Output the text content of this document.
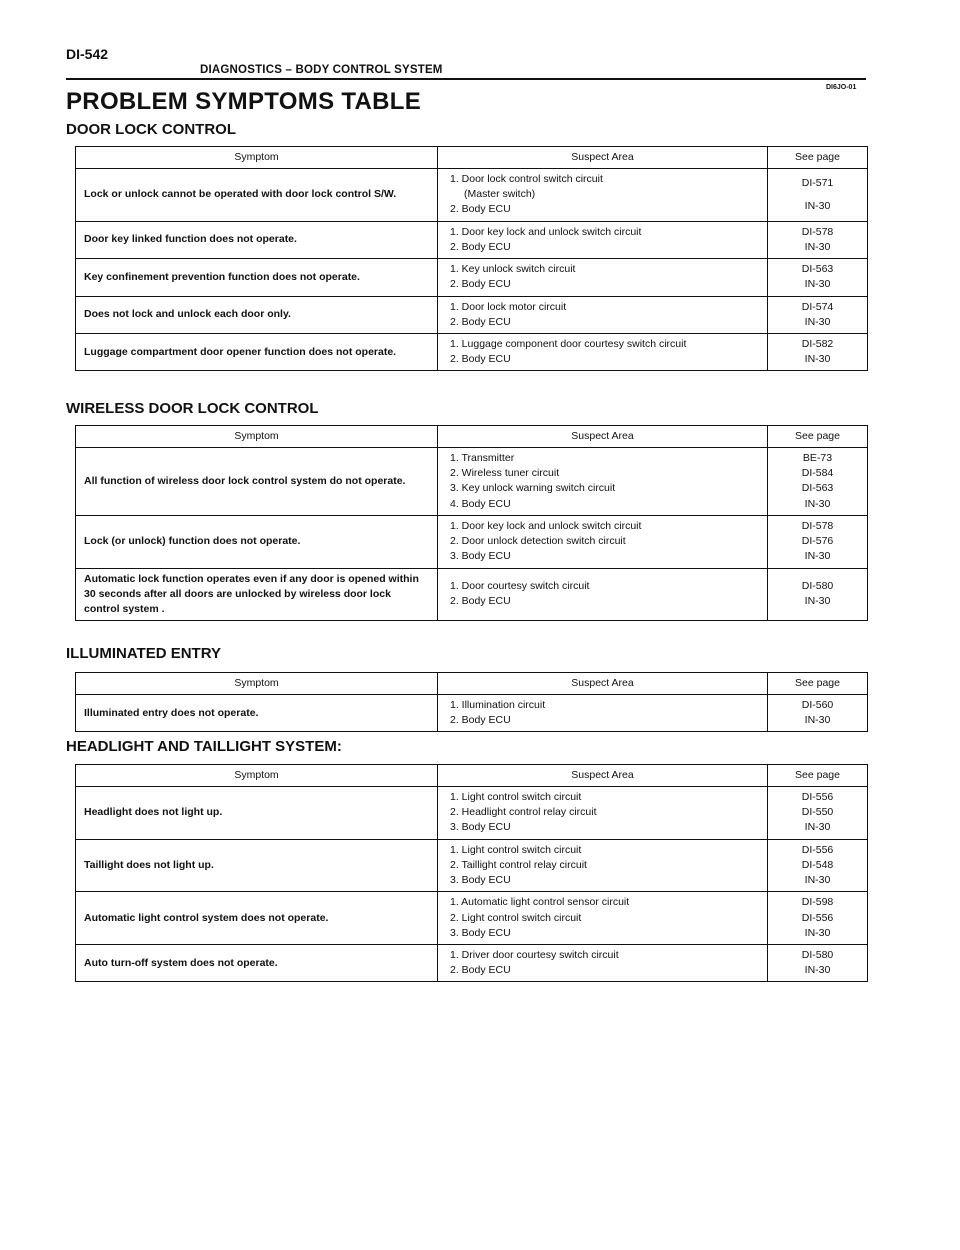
DI-542
DIAGNOSTICS – BODY CONTROL SYSTEM
DI6JO-01
PROBLEM SYMPTOMS TABLE
DOOR LOCK CONTROL
Symptom	Suspect Area	See page
Lock or unlock cannot be operated with door lock control S/W.	1. Door lock control switch circuit
(Master switch)
2. Body ECU	DI-571
IN-30

Door key linked function does not operate.	1. Door key lock and unlock switch circuit
2. Body ECU	DI-578
IN-30

Key confinement prevention function does not operate.	1. Key unlock switch circuit
2. Body ECU	DI-563
IN-30

Does not lock and unlock each door only.	1. Door lock motor circuit
2. Body ECU	DI-574
IN-30

Luggage compartment door opener function does not operate.	1. Luggage component door courtesy switch circuit
2. Body ECU	DI-582
IN-30
WIRELESS DOOR LOCK CONTROL
Symptom	Suspect Area	See page
All function of wireless door lock control system do not operate.	1. Transmitter
2. Wireless tuner circuit
3. Key unlock warning switch circuit
4. Body ECU	BE-73
DI-584
DI-563
IN-30

Lock (or unlock) function does not operate.	1. Door key lock and unlock switch circuit
2. Door unlock detection switch circuit
3. Body ECU	DI-578
DI-576
IN-30

Automatic lock function operates even if any door is opened within
30 seconds after all doors are unlocked by wireless door lock
control system .	1. Door courtesy switch circuit
2. Body ECU	DI-580
IN-30
ILLUMINATED ENTRY
Symptom	Suspect Area	See page
Illuminated entry does not operate.	1. Illumination circuit
2. Body ECU	DI-560
IN-30
HEADLIGHT AND TAILLIGHT SYSTEM:
Symptom	Suspect Area	See page
Headlight does not light up.	1. Light control switch circuit
2. Headlight control relay circuit
3. Body ECU	DI-556
DI-550
IN-30

Taillight does not light up.	1. Light control switch circuit
2. Taillight control relay circuit
3. Body ECU	DI-556
DI-548
IN-30

Automatic light control system does not operate.	1. Automatic light control sensor circuit
2. Light control switch circuit
3. Body ECU	DI-598
DI-556
IN-30

Auto turn-off system does not operate.	1. Driver door courtesy switch circuit
2. Body ECU	DI-580
IN-30
